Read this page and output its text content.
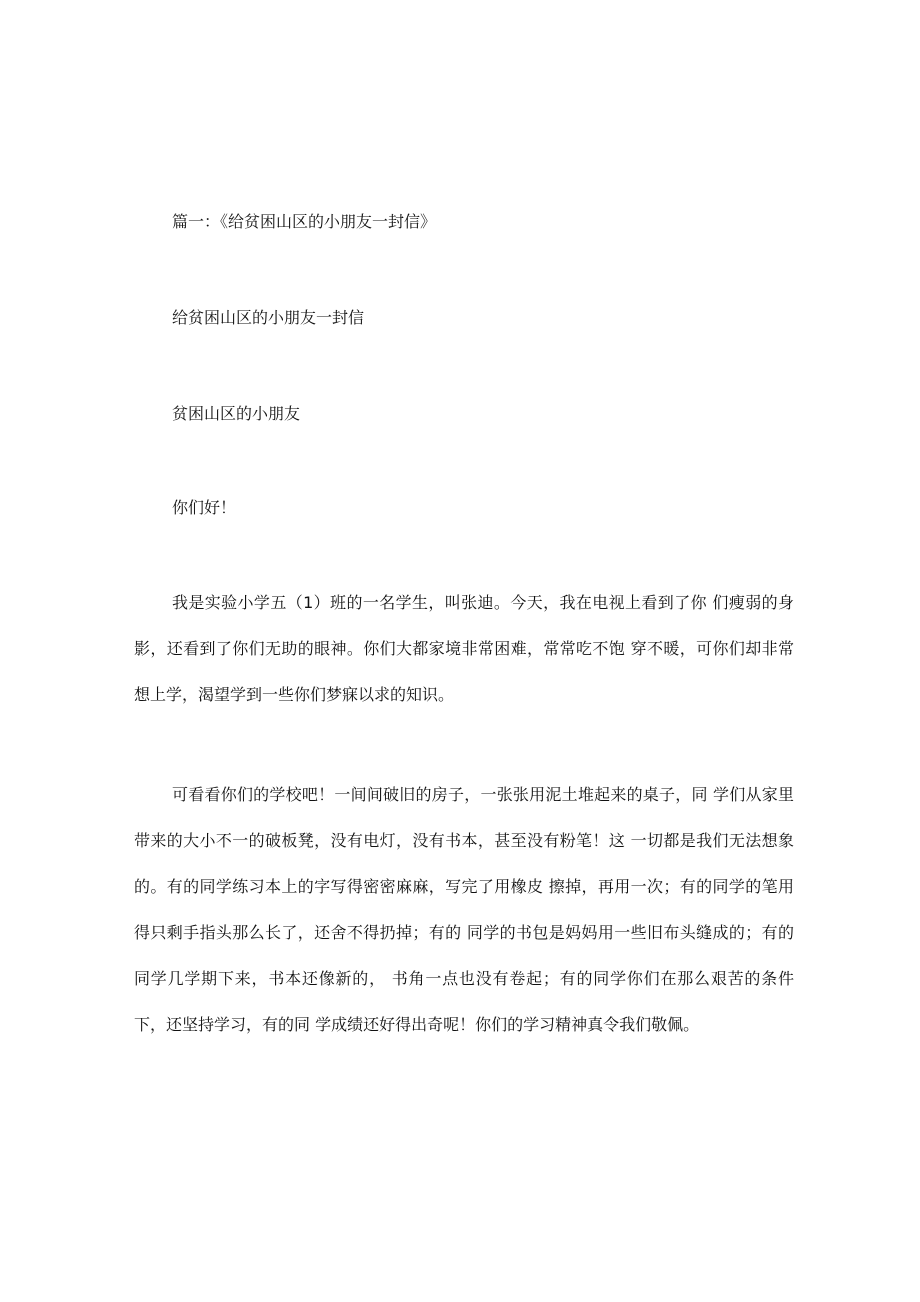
篇一：《给贫困山区的小朋友一封信》

给贫困山区的小朋友一封信

贫困山区的小朋友

你们好！

我是实验小学五（1）班的一名学生，叫张迪。今天，我在电视上看到了你 们瘦弱的身影，还看到了你们无助的眼神。你们大都家境非常困难，常常吃不饱 穿不暖，可你们却非常想上学，渴望学到一些你们梦寐以求的知识。

可看看你们的学校吧！一间间破旧的房子，一张张用泥土堆起来的桌子，同 学们从家里带来的大小不一的破板凳，没有电灯，没有书本，甚至没有粉笔！这 一切都是我们无法想象的。有的同学练习本上的字写得密密麻麻，写完了用橡皮 擦掉，再用一次；有的同学的笔用得只剩手指头那么长了，还舍不得扔掉；有的 同学的书包是妈妈用一些旧布头缝成的；有的同学几学期下来，书本还像新的， 书角一点也没有卷起；有的同学你们在那么艰苦的条件下，还坚持学习，有的同 学成绩还好得出奇呢！你们的学习精神真令我们敬佩。
